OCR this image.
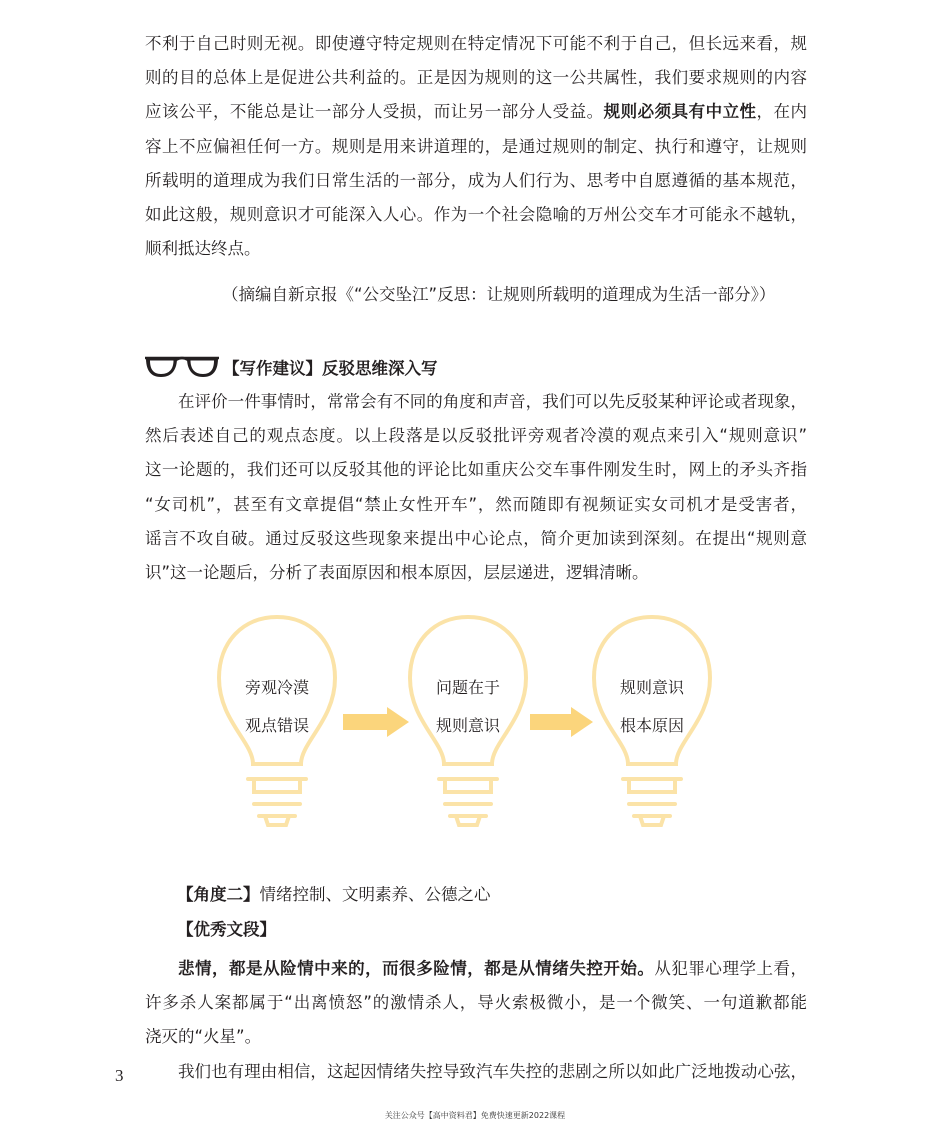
不利于自己时则无视。即使遵守特定规则在特定情况下可能不利于自己，但长远来看，规
则的目的总体上是促进公共利益的。正是因为规则的这一公共属性，我们要求规则的内容
应该公平，不能总是让一部分人受损，而让另一部分人受益。规则必须具有中立性，在内
容上不应偏袒任何一方。规则是用来讲道理的，是通过规则的制定、执行和遵守，让规则
所载明的道理成为我们日常生活的一部分，成为人们行为、思考中自愿遵循的基本规范，
如此这般，规则意识才可能深入人心。作为一个社会隐喻的万州公交车才可能永不越轨，
顺利抵达终点。
（摘编自新京报《“公交坠江”反思：让规则所载明的道理成为生活一部分》）
【写作建议】反驳思维深入写
在评价一件事情时，常常会有不同的角度和声音，我们可以先反驳某种评论或者现象，
然后表述自己的观点态度。以上段落是以反驳批评旁观者冷漠的观点来引入“规则意识”
这一论题的，我们还可以反驳其他的评论比如重庆公交车事件刚发生时，网上的矛头齐指
“女司机”，甚至有文章提倡“禁止女性开车”，然而随即有视频证实女司机才是受害者，
谣言不攻自破。通过反驳这些现象来提出中心论点，简介更加读到深刻。在提出“规则意
识”这一论题后，分析了表面原因和根本原因，层层递进，逻辑清晰。
旁观冷漠
观点错误
问题在于
规则意识
规则意识
根本原因
【角度二】情绪控制、文明素养、公德之心
【优秀文段】
悲情，都是从险情中来的，而很多险情，都是从情绪失控开始。从犯罪心理学上看，
许多杀人案都属于“出离愤怒”的激情杀人，导火索极微小，是一个微笑、一句道歉都能
浇灭的“火星”。
我们也有理由相信，这起因情绪失控导致汽车失控的悲剧之所以如此广泛地拨动心弦，
3
关注公众号【高中资料君】免费快速更新2022课程
